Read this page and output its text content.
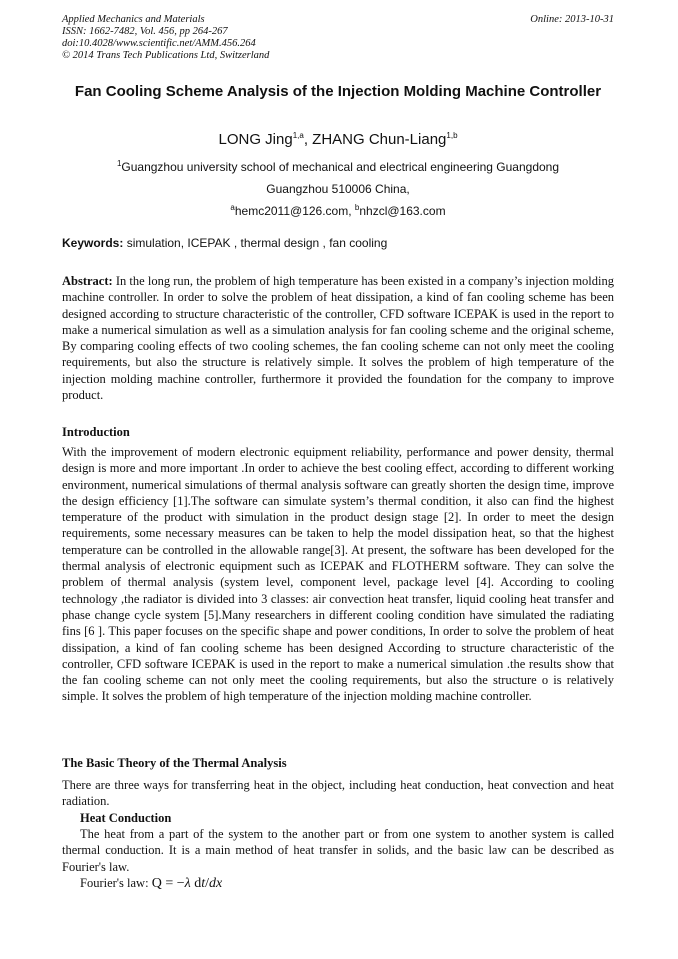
Applied Mechanics and Materials
ISSN: 1662-7482, Vol. 456, pp 264-267
doi:10.4028/www.scientific.net/AMM.456.264
© 2014 Trans Tech Publications Ltd, Switzerland
Online: 2013-10-31
Fan Cooling Scheme Analysis of the Injection Molding Machine Controller
LONG Jing$^{1,a}$, ZHANG Chun-Liang$^{1,b}$
$^1$Guangzhou university school of mechanical and electrical engineering Guangdong
Guangzhou 510006 China,
$^a$hemc2011@126.com, $^b$nhzcl@163.com
Keywords: simulation, ICEPAK , thermal design , fan cooling

Abstract: In the long run, the problem of high temperature has been existed in a company’s injection molding machine controller. In order to solve the problem of heat dissipation, a kind of fan cooling scheme has been designed according to structure characteristic of the controller, CFD software ICEPAK is used in the report to make a numerical simulation as well as a simulation analysis for fan cooling scheme and the original scheme, By comparing cooling effects of two cooling schemes, the fan cooling scheme can not only meet the cooling requirements, but also the structure is relatively simple. It solves the problem of high temperature of the injection molding machine controller, furthermore it provided the foundation for the company to improve product.

Introduction

With the improvement of modern electronic equipment reliability, performance and power density, thermal design is more and more important .In order to achieve the best cooling effect, according to different working environment, numerical simulations of thermal analysis software can greatly shorten the design time, improve the design efficiency [1].The software can simulate system’s thermal condition, it also can find the highest temperature of the product with simulation in the product design stage [2]. In order to meet the design requirements, some necessary measures can be taken to help the model dissipation heat, so that the highest temperature can be controlled in the allowable range[3]. At present, the software has been developed for the thermal analysis of electronic equipment such as ICEPAK and FLOTHERM software. They can solve the problem of thermal analysis (system level, component level, package level [4]. According to cooling technology ,the radiator is divided into 3 classes: air convection heat transfer, liquid cooling heat transfer and phase change cycle system [5].Many researchers in different cooling condition have simulated the radiating fins [6 ]. This paper focuses on the specific shape and power conditions, In order to solve the problem of heat dissipation, a kind of fan cooling scheme has been designed According to structure characteristic of the controller, CFD software ICEPAK is used in the report to make a numerical simulation .the results show that the fan cooling scheme can not only meet the cooling requirements, but also the structure o is relatively simple. It solves the problem of high temperature of the injection molding machine controller.

The Basic Theory of the Thermal Analysis

There are three ways for transferring heat in the object, including heat conduction, heat convection and heat radiation.

Heat Conduction

The heat from a part of the system to the another part or from one system to another system is called thermal conduction. It is a main method of heat transfer in solids, and the basic law can be described as Fourier's law.

Fourier's law: Q = −λ dt/dx
